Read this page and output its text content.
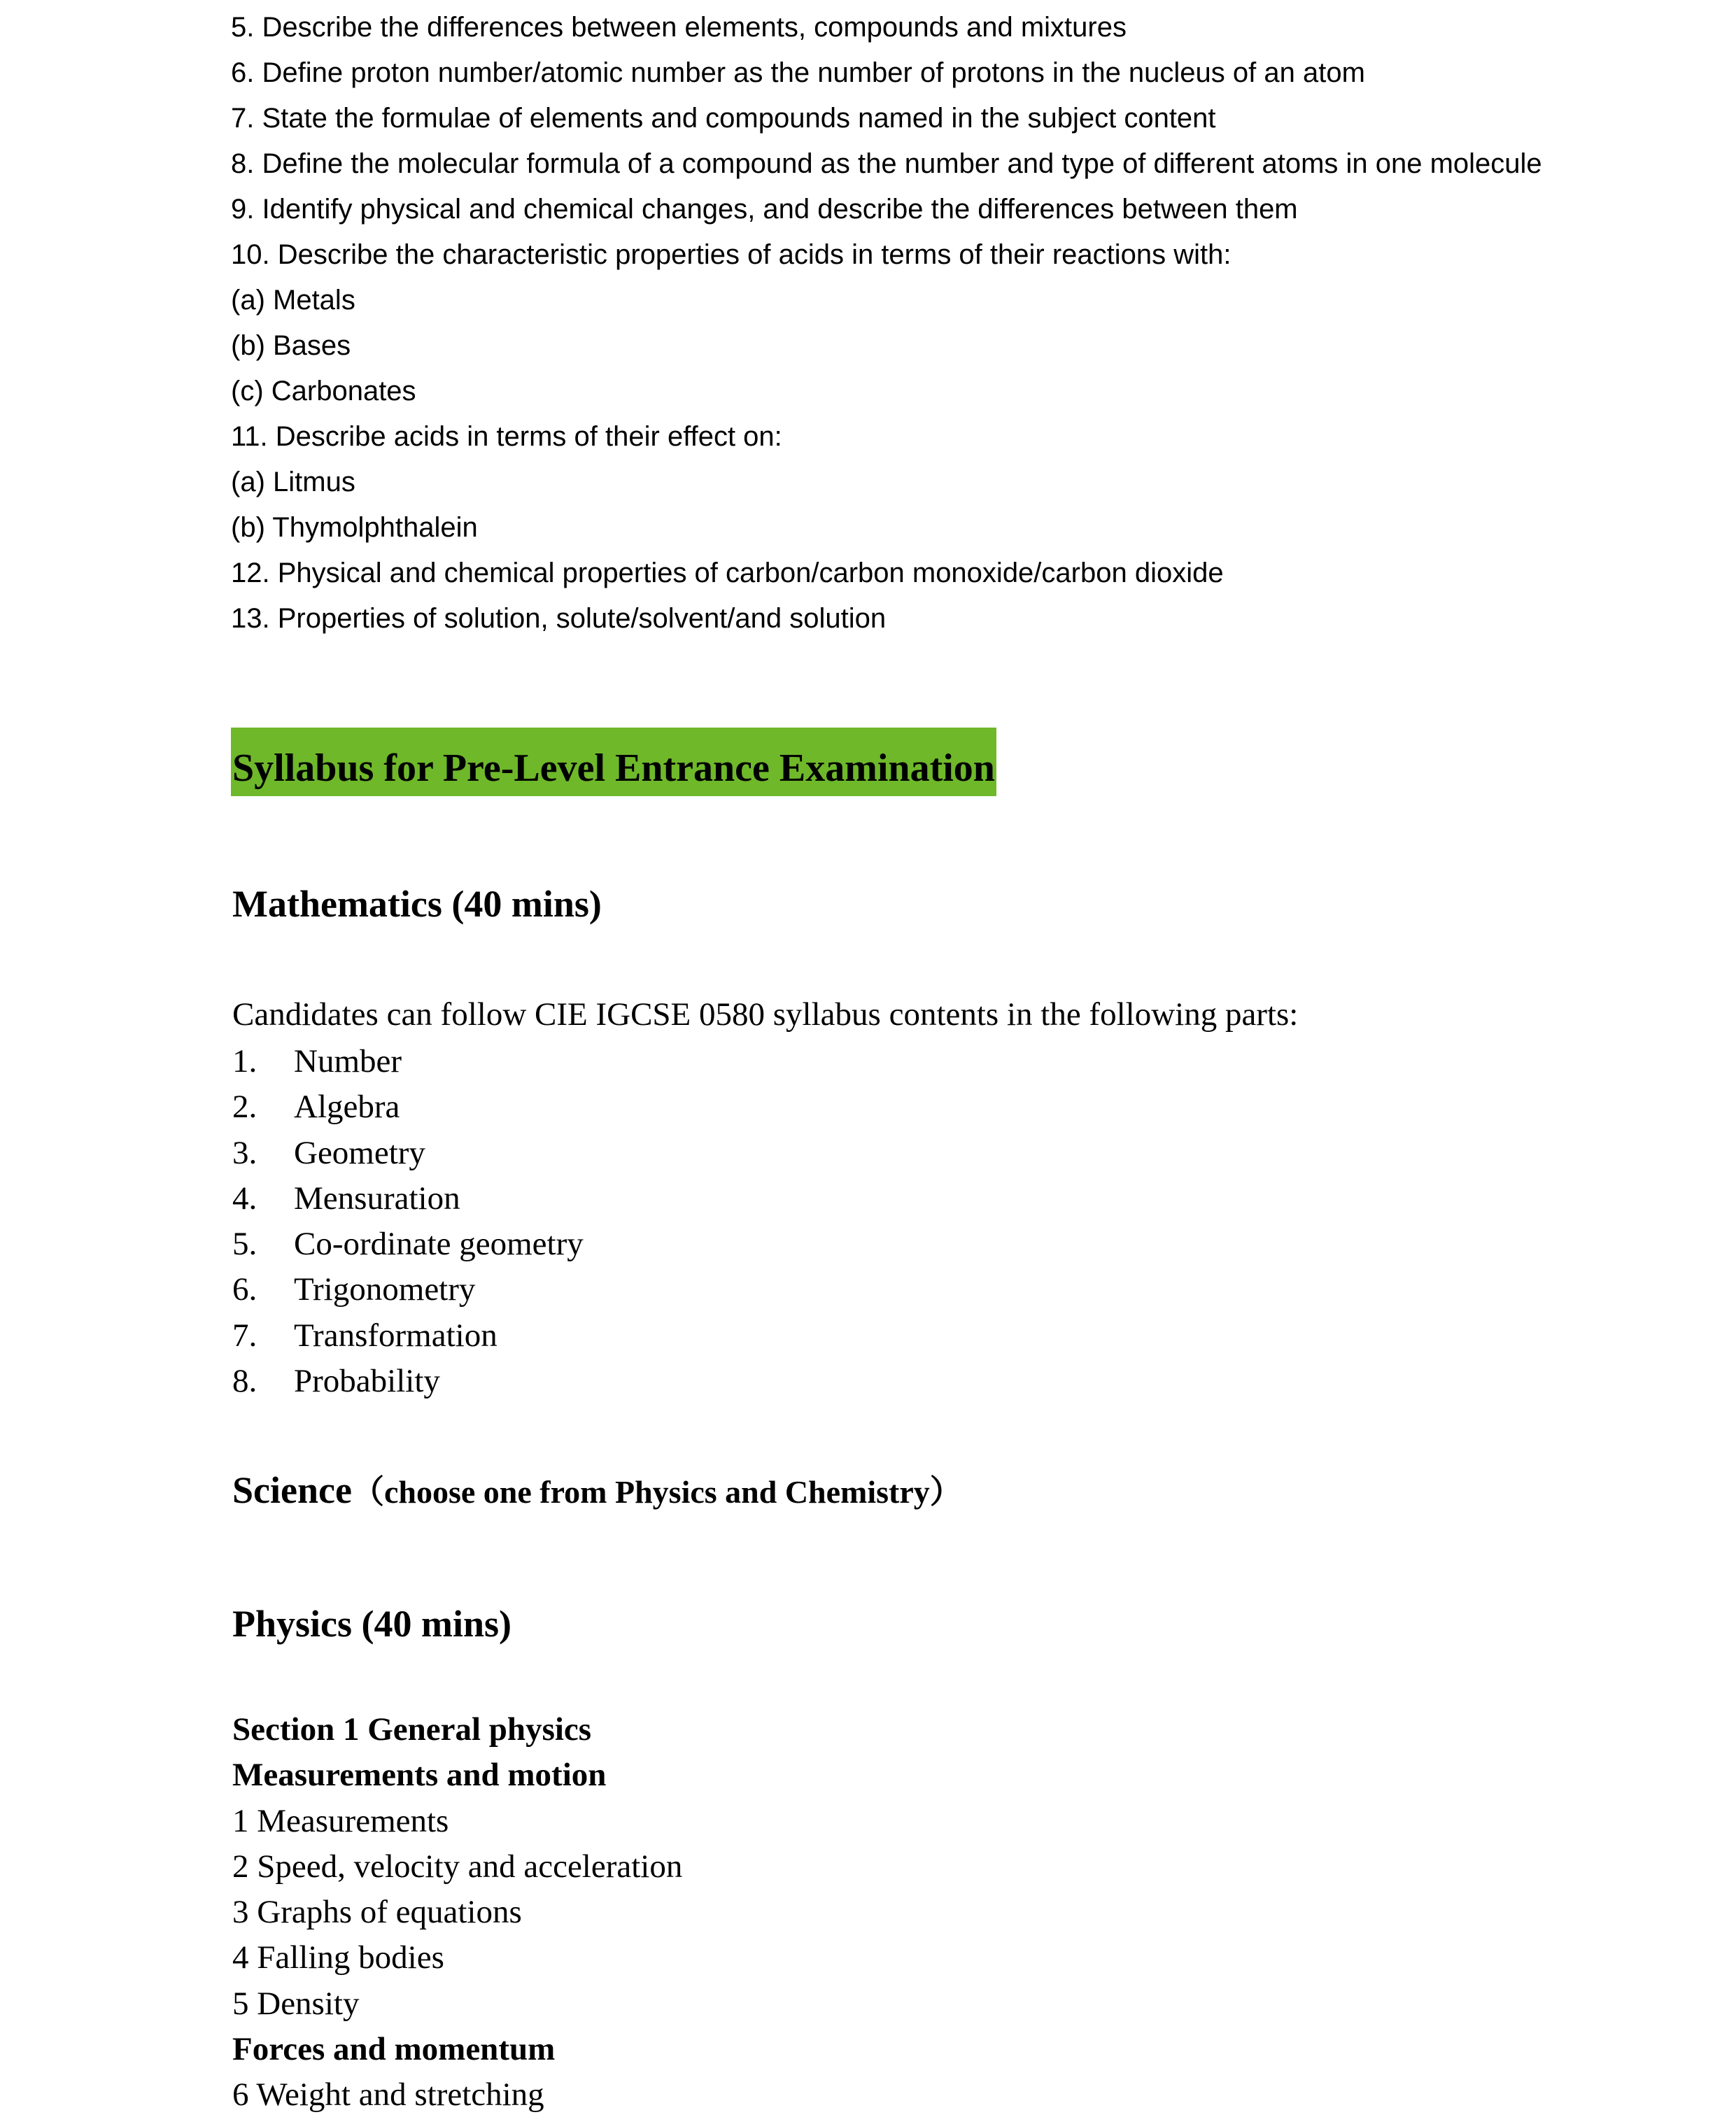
5. Describe the differences between elements, compounds and mixtures
6. Define proton number/atomic number as the number of protons in the nucleus of an atom
7. State the formulae of elements and compounds named in the subject content
8. Define the molecular formula of a compound as the number and type of different atoms in one molecule
9. Identify physical and chemical changes, and describe the differences between them
10. Describe the characteristic properties of acids in terms of their reactions with:
(a) Metals
(b) Bases
(c) Carbonates
11. Describe acids in terms of their effect on:
(a) Litmus
(b) Thymolphthalein
12. Physical and chemical properties of carbon/carbon monoxide/carbon dioxide
13. Properties of solution, solute/solvent/and solution
Syllabus for Pre-Level Entrance Examination
Mathematics (40 mins)
Candidates can follow CIE IGCSE 0580 syllabus contents in the following parts:
1.	Number
2.	Algebra
3.	Geometry
4.	Mensuration
5.	Co-ordinate geometry
6.	Trigonometry
7.	Transformation
8.	Probability
Science（choose one from Physics and Chemistry）
Physics (40 mins)
Section 1 General physics
Measurements and motion
1 Measurements
2 Speed, velocity and acceleration
3 Graphs of equations
4 Falling bodies
5 Density
Forces and momentum
6 Weight and stretching
